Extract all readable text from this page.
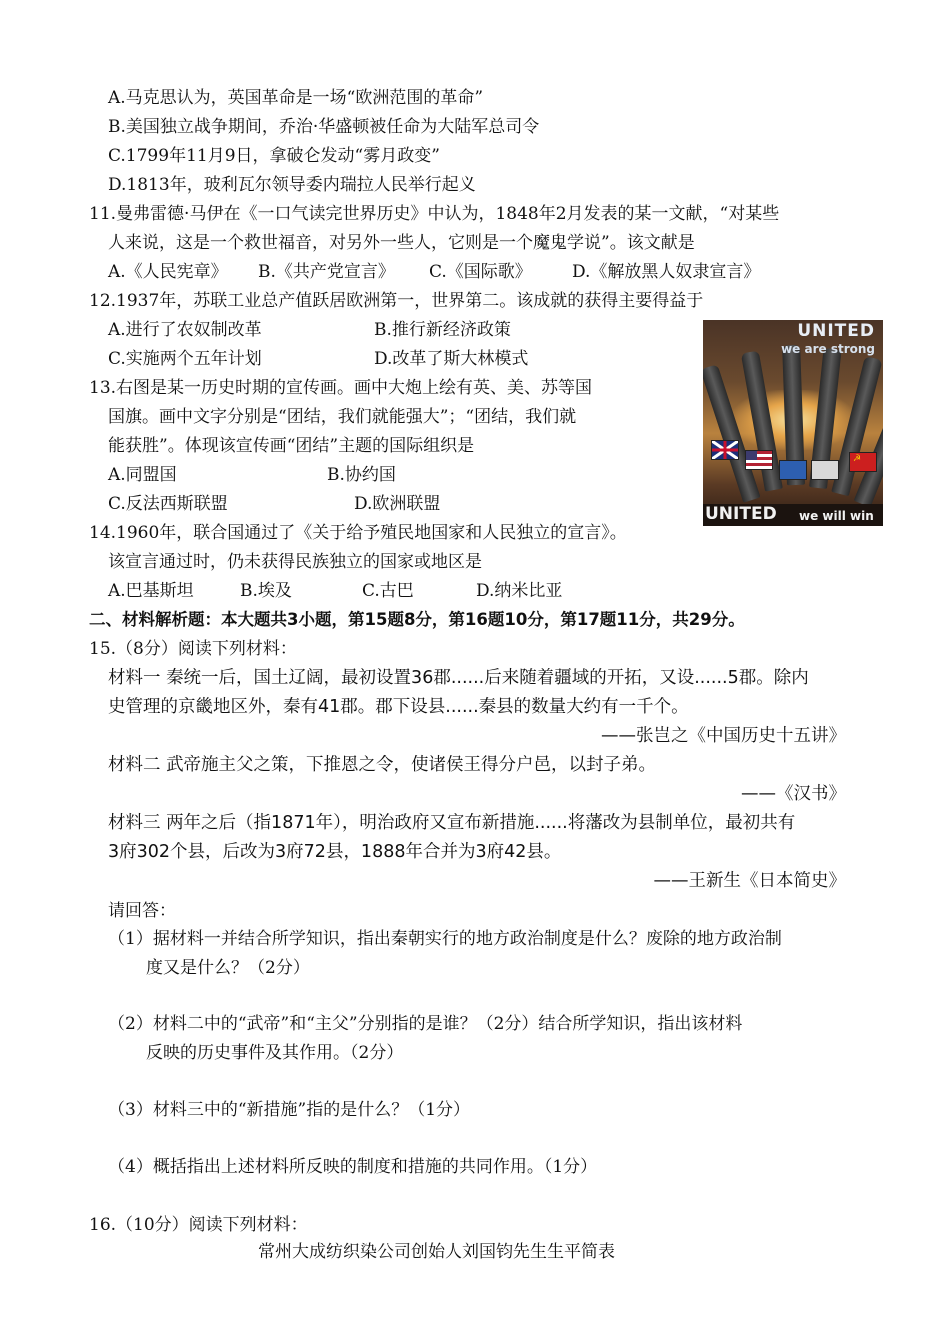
A.马克思认为，英国革命是一场“欧洲范围的革命”
B.美国独立战争期间，乔治·华盛顿被任命为大陆军总司令
C.1799年11月9日，拿破仑发动“雾月政变”
D.1813年，玻利瓦尔领导委内瑞拉人民举行起义
11.曼弗雷德·马伊在《一口气读完世界历史》中认为，1848年2月发表的某一文献，“对某些
人来说，这是一个救世福音，对另外一些人，它则是一个魔鬼学说”。该文献是
A.《人民宪章》 B.《共产党宣言》 C.《国际歌》 D.《解放黑人奴隶宣言》
12.1937年，苏联工业总产值跃居欧洲第一，世界第二。该成就的获得主要得益于
A.进行了农奴制改革	B.推行新经济政策
C.实施两个五年计划	D.改革了斯大林模式
13.右图是某一历史时期的宣传画。画中大炮上绘有英、美、苏等国
国旗。画中文字分别是“团结，我们就能强大”；“团结，我们就
能获胜”。体现该宣传画“团结”主题的国际组织是
A.同盟国	B.协约国
C.反法西斯联盟	D.欧洲联盟
☭
UNITED
we are strong
UNITED we will win
14.1960年，联合国通过了《关于给予殖民地国家和人民独立的宣言》。
该宣言通过时，仍未获得民族独立的国家或地区是
A.巴基斯坦	B.埃及	C.古巴	D.纳米比亚
二、材料解析题：本大题共3小题，第15题8分，第16题10分，第17题11分，共29分。
15.（8分）阅读下列材料：
材料一 秦统一后，国土辽阔，最初设置36郡......后来随着疆域的开拓，又设......5郡。除内
史管理的京畿地区外，秦有41郡。郡下设县......秦县的数量大约有一千个。
——张岂之《中国历史十五讲》
材料二 武帝施主父之策，下推恩之令，使诸侯王得分户邑，以封子弟。
——《汉书》
材料三 两年之后（指1871年），明治政府又宣布新措施......将藩改为县制单位，最初共有
3府302个县，后改为3府72县，1888年合并为3府42县。
——王新生《日本简史》
请回答：
（1）据材料一并结合所学知识，指出秦朝实行的地方政治制度是什么？废除的地方政治制
度又是什么？（2分）
（2）材料二中的“武帝”和“主父”分别指的是谁？（2分）结合所学知识，指出该材料
反映的历史事件及其作用。（2分）
（3）材料三中的“新措施”指的是什么？（1分）
（4）概括指出上述材料所反映的制度和措施的共同作用。（1分）
16.（10分）阅读下列材料：
常州大成纺织染公司创始人刘国钧先生生平简表
